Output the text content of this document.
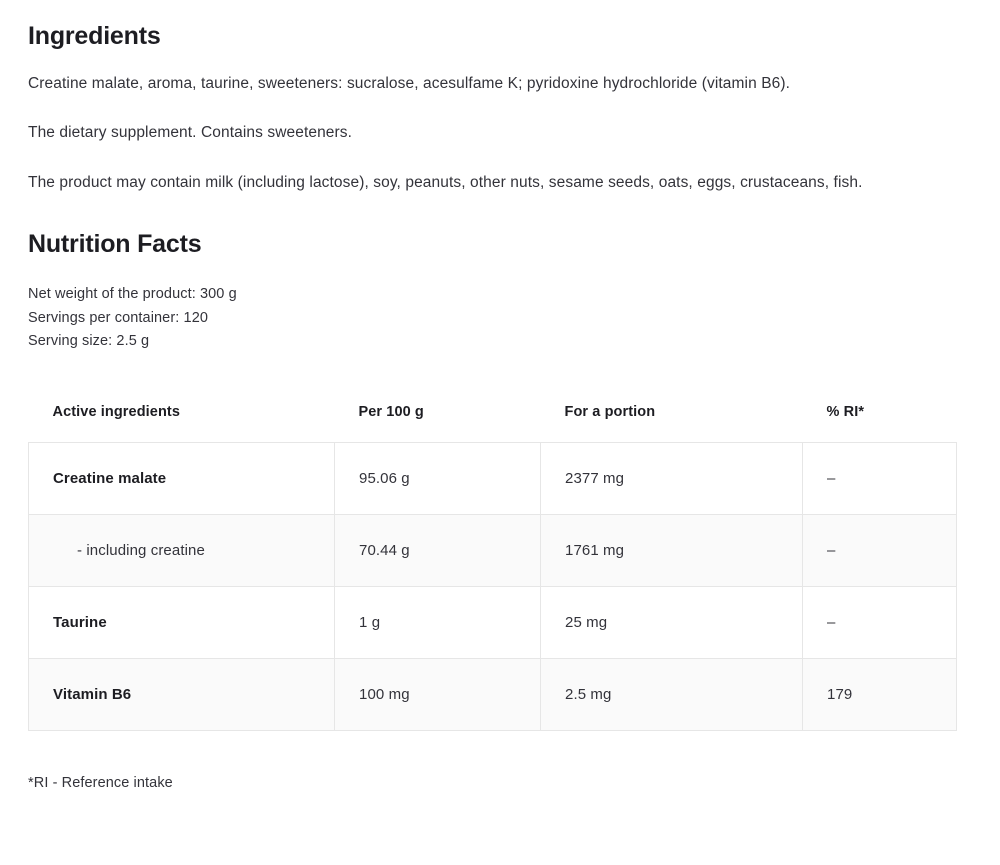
Ingredients

Creatine malate, aroma, taurine, sweeteners: sucralose, acesulfame K; pyridoxine hydrochloride (vitamin B6).

The dietary supplement. Contains sweeteners.

The product may contain milk (including lactose), soy, peanuts, other nuts, sesame seeds, oats, eggs, crustaceans, fish.

Nutrition Facts
Net weight of the product: 300 g
Servings per container: 120
Serving size: 2.5 g
Active ingredients	Per 100 g	For a portion	% RI*
Creatine malate	95.06 g	2377 mg	–
- including creatine	70.44 g	1761 mg	–
Taurine	1 g	25 mg	–
Vitamin B6	100 mg	2.5 mg	179
*RI - Reference intake
